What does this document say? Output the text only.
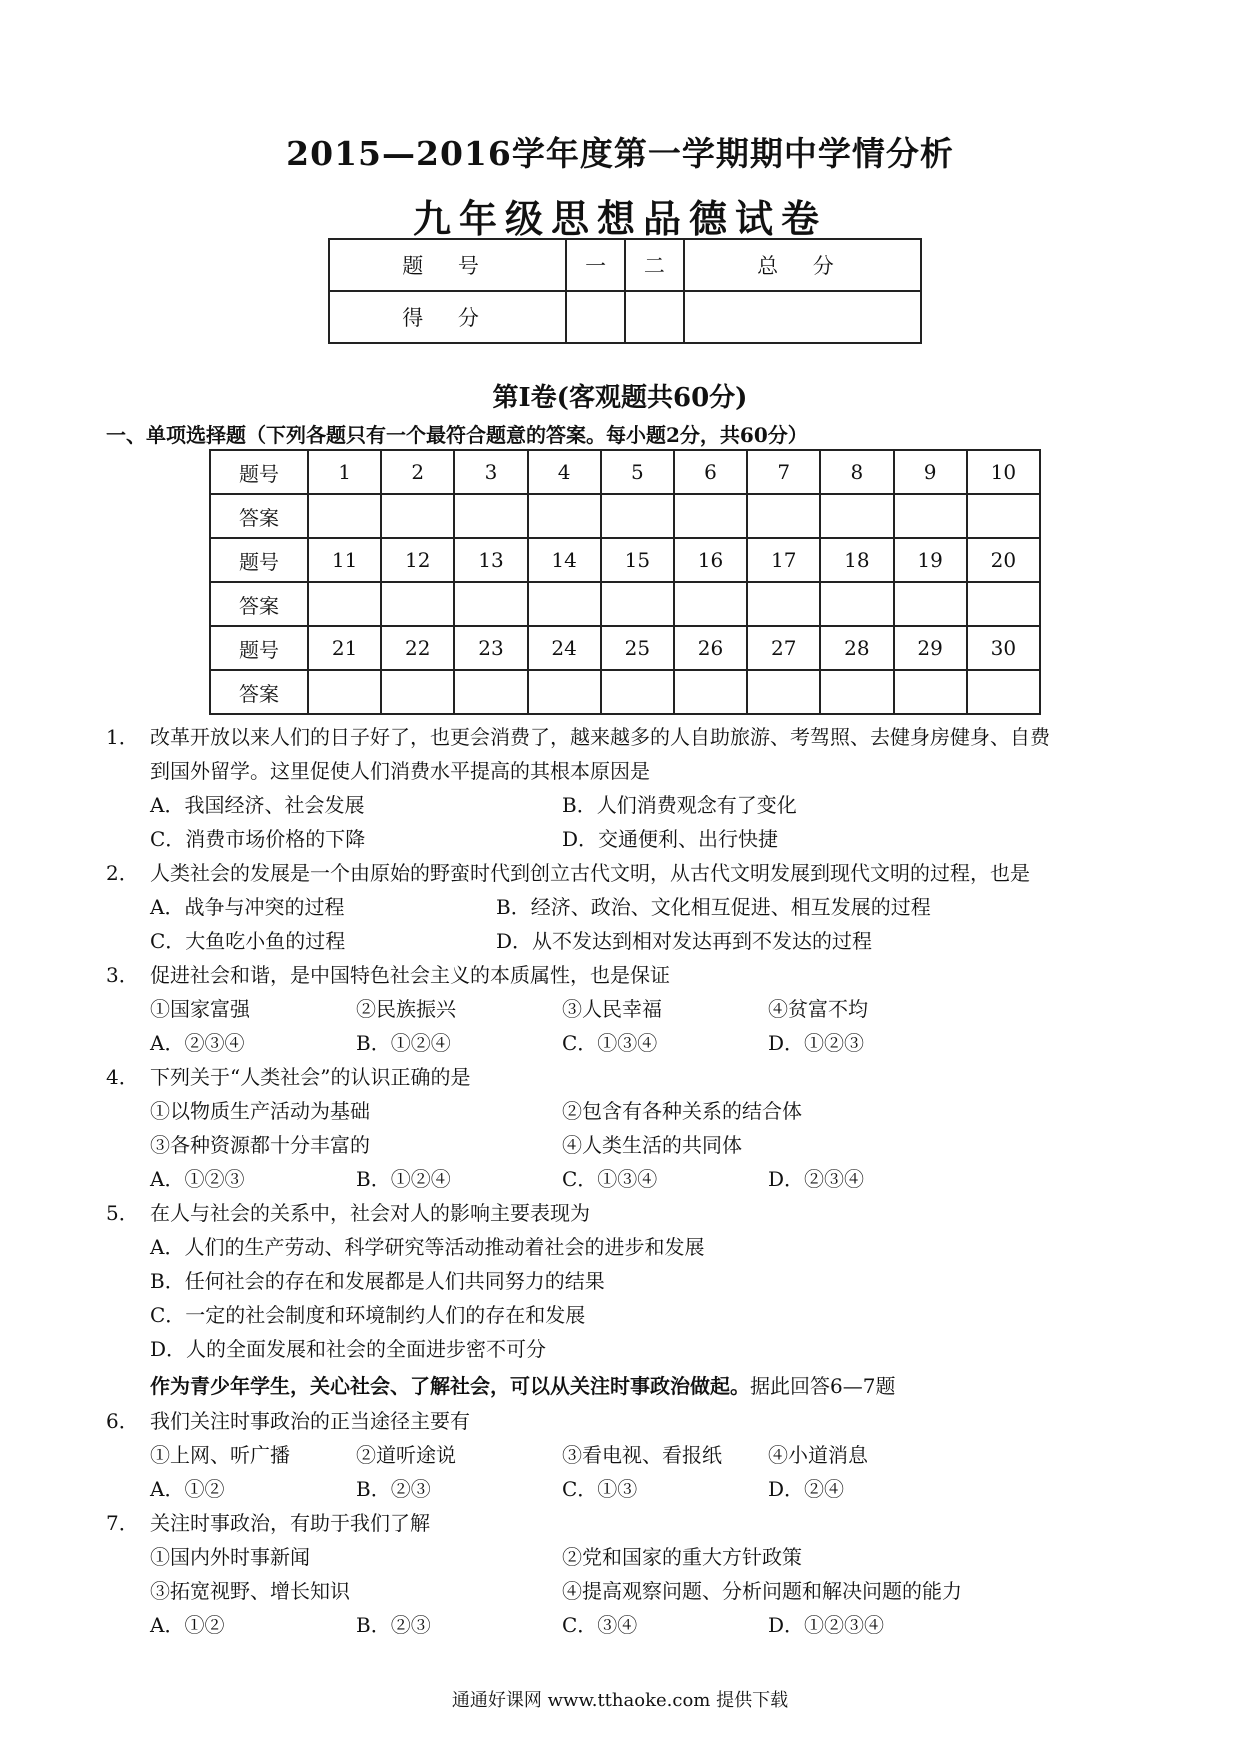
2015—2016学年度第一学期期中学情分析
九年级思想品德试卷
题 号	一	二	总 分
得 分			
第Ⅰ卷(客观题共60分)
一、单项选择题（下列各题只有一个最符合题意的答案。每小题2分，共60分）
题号	1	2	3	4	5	6	7	8	9	10
答案										
题号	11	12	13	14	15	16	17	18	19	20
答案										
题号	21	22	23	24	25	26	27	28	29	30
答案										
1． 改革开放以来人们的日子好了，也更会消费了，越来越多的人自助旅游、考驾照、去健身房健身、自费
到国外留学。这里促使人们消费水平提高的其根本原因是
A．我国经济、社会发展	B．人们消费观念有了变化
C．消费市场价格的下降	D．交通便利、出行快捷
2． 人类社会的发展是一个由原始的野蛮时代到创立古代文明，从古代文明发展到现代文明的过程，也是
A．战争与冲突的过程	B．经济、政治、文化相互促进、相互发展的过程
C．大鱼吃小鱼的过程	D．从不发达到相对发达再到不发达的过程
3． 促进社会和谐，是中国特色社会主义的本质属性，也是保证
①国家富强	②民族振兴	③人民幸福	④贫富不均
A．②③④	B．①②④	C．①③④	D．①②③
4． 下列关于“人类社会”的认识正确的是
①以物质生产活动为基础	②包含有各种关系的结合体
③各种资源都十分丰富的	④人类生活的共同体
A．①②③	B．①②④	C．①③④	D．②③④
5． 在人与社会的关系中，社会对人的影响主要表现为
A．人们的生产劳动、科学研究等活动推动着社会的进步和发展
B．任何社会的存在和发展都是人们共同努力的结果
C．一定的社会制度和环境制约人们的存在和发展
D．人的全面发展和社会的全面进步密不可分
作为青少年学生，关心社会、了解社会，可以从关注时事政治做起。据此回答6—7题
6． 我们关注时事政治的正当途径主要有
①上网、听广播	②道听途说	③看电视、看报纸 ④小道消息
A．①②	B．②③	C．①③	D．②④
7． 关注时事政治，有助于我们了解
①国内外时事新闻	②党和国家的重大方针政策
③拓宽视野、增长知识	④提高观察问题、分析问题和解决问题的能力
A．①②	B．②③	C．③④	D．①②③④
通通好课网 www.tthaoke.com 提供下载
